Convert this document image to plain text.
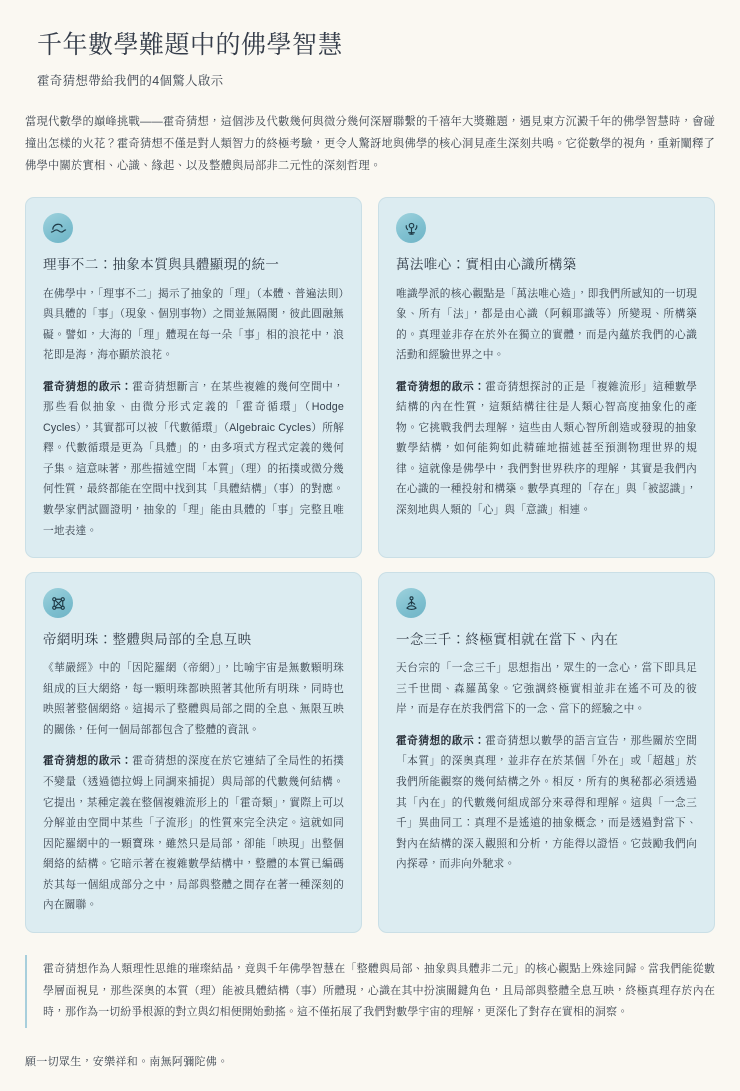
千年數學難題中的佛學智慧
霍奇猜想帶給我們的4個驚人啟示

當現代數學的巔峰挑戰——霍奇猜想，這個涉及代數幾何與微分幾何深層聯繫的千禧年大獎難題，遇見東方沉澱千年的佛學智慧時，會碰撞出怎樣的火花？霍奇猜想不僅是對人類智力的終極考驗，更令人驚訝地與佛學的核心洞見產生深刻共鳴。它從數學的視角，重新闡釋了佛學中關於實相、心識、緣起、以及整體與局部非二元性的深刻哲理。

理事不二：抽象本質與具體顯現的統一

在佛學中，「理事不二」揭示了抽象的「理」（本體、普遍法則）與具體的「事」（現象、個別事物）之間並無隔閡，彼此圓融無礙。譬如，大海的「理」體現在每一朵「事」相的浪花中，浪花即是海，海亦顯於浪花。

霍奇猜想的啟示：霍奇猜想斷言，在某些複雜的幾何空間中，那些看似抽象、由微分形式定義的「霍奇循環」（Hodge Cycles），其實都可以被「代數循環」（Algebraic Cycles）所解釋。代數循環是更為「具體」的，由多項式方程式定義的幾何子集。這意味著，那些描述空間「本質」（理）的拓撲或微分幾何性質，最終都能在空間中找到其「具體結構」（事）的對應。數學家們試圖證明，抽象的「理」能由具體的「事」完整且唯一地表達。

萬法唯心：實相由心識所構築

唯識學派的核心觀點是「萬法唯心造」，即我們所感知的一切現象、所有「法」，都是由心識（阿賴耶識等）所變現、所構築的。真理並非存在於外在獨立的實體，而是內蘊於我們的心識活動和經驗世界之中。

霍奇猜想的啟示：霍奇猜想探討的正是「複雜流形」這種數學結構的內在性質，這類結構往往是人類心智高度抽象化的產物。它挑戰我們去理解，這些由人類心智所創造或發現的抽象數學結構，如何能夠如此精確地描述甚至預測物理世界的規律。這就像是佛學中，我們對世界秩序的理解，其實是我們內在心識的一種投射和構築。數學真理的「存在」與「被認識」，深刻地與人類的「心」與「意識」相連。

帝網明珠：整體與局部的全息互映

《華嚴經》中的「因陀羅網（帝網）」，比喻宇宙是無數顆明珠組成的巨大網絡，每一顆明珠都映照著其他所有明珠，同時也映照著整個網絡。這揭示了整體與局部之間的全息、無限互映的關係，任何一個局部都包含了整體的資訊。

霍奇猜想的啟示：霍奇猜想的深度在於它連結了全局性的拓撲不變量（透過德拉姆上同調來捕捉）與局部的代數幾何結構。它提出，某種定義在整個複雜流形上的「霍奇類」，實際上可以分解並由空間中某些「子流形」的性質來完全決定。這就如同因陀羅網中的一顆寶珠，雖然只是局部，卻能「映現」出整個網絡的結構。它暗示著在複雜數學結構中，整體的本質已編碼於其每一個組成部分之中，局部與整體之間存在著一種深刻的內在關聯。

一念三千：終極實相就在當下、內在

天台宗的「一念三千」思想指出，眾生的一念心，當下即具足三千世間、森羅萬象。它強調終極實相並非在遙不可及的彼岸，而是存在於我們當下的一念、當下的經驗之中。

霍奇猜想的啟示：霍奇猜想以數學的語言宣告，那些關於空間「本質」的深奧真理，並非存在於某個「外在」或「超越」於我們所能觀察的幾何結構之外。相反，所有的奧秘都必須透過其「內在」的代數幾何組成部分來尋得和理解。這與「一念三千」異曲同工：真理不是遙遠的抽象概念，而是透過對當下、對內在結構的深入觀照和分析，方能得以證悟。它鼓勵我們向內探尋，而非向外馳求。

霍奇猜想作為人類理性思維的璀璨結晶，竟與千年佛學智慧在「整體與局部、抽象與具體非二元」的核心觀點上殊途同歸。當我們能從數學層面視見，那些深奧的本質（理）能被具體結構（事）所體現，心識在其中扮演關鍵角色，且局部與整體全息互映，終極真理存於內在時，那作為一切紛爭根源的對立與幻相便開始動搖。這不僅拓展了我們對數學宇宙的理解，更深化了對存在實相的洞察。
願一切眾生，安樂祥和。南無阿彌陀佛。
